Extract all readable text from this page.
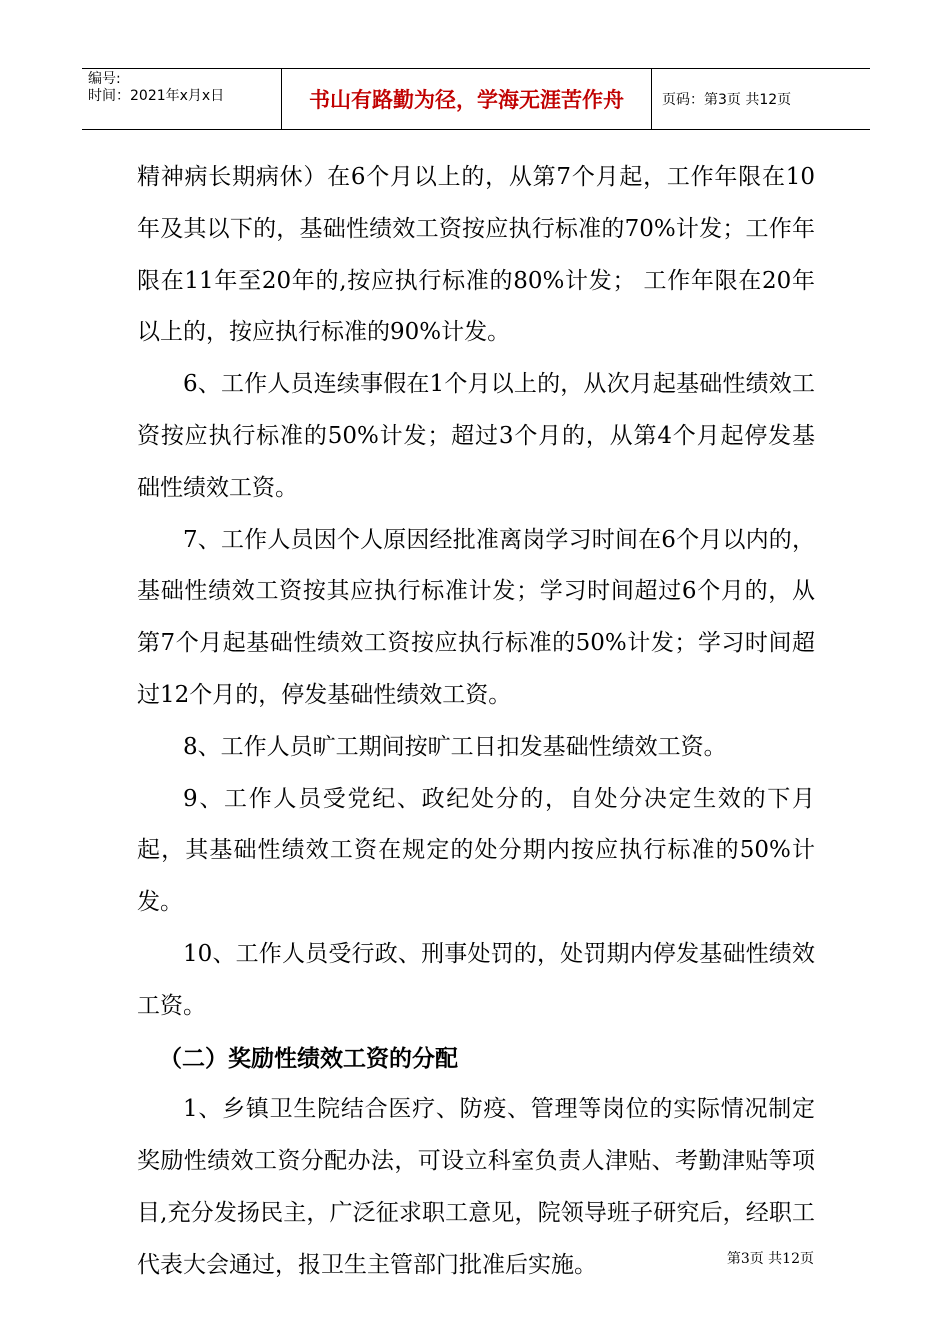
编号:
时间：2021年x月x日	书山有路勤为径，学海无涯苦作舟	页码：第3页 共12页

精神病长期病休）在6个月以上的，从第7个月起，工作年限在10年及其以下的，基础性绩效工资按应执行标准的70%计发；工作年限在11年至20年的,按应执行标准的80%计发； 工作年限在20年以上的，按应执行标准的90%计发。

6、工作人员连续事假在1个月以上的，从次月起基础性绩效工资按应执行标准的50%计发；超过3个月的，从第4个月起停发基础性绩效工资。

7、工作人员因个人原因经批准离岗学习时间在6个月以内的，基础性绩效工资按其应执行标准计发；学习时间超过6个月的，从第7个月起基础性绩效工资按应执行标准的50%计发；学习时间超过12个月的，停发基础性绩效工资。

8、工作人员旷工期间按旷工日扣发基础性绩效工资。

9、工作人员受党纪、政纪处分的，自处分决定生效的下月起，其基础性绩效工资在规定的处分期内按应执行标准的50%计发。

10、工作人员受行政、刑事处罚的，处罚期内停发基础性绩效工资。

（二）奖励性绩效工资的分配

1、乡镇卫生院结合医疗、防疫、管理等岗位的实际情况制定奖励性绩效工资分配办法，可设立科室负责人津贴、考勤津贴等项目,充分发扬民主，广泛征求职工意见，院领导班子研究后，经职工代表大会通过，报卫生主管部门批准后实施。	第3页 共12页
